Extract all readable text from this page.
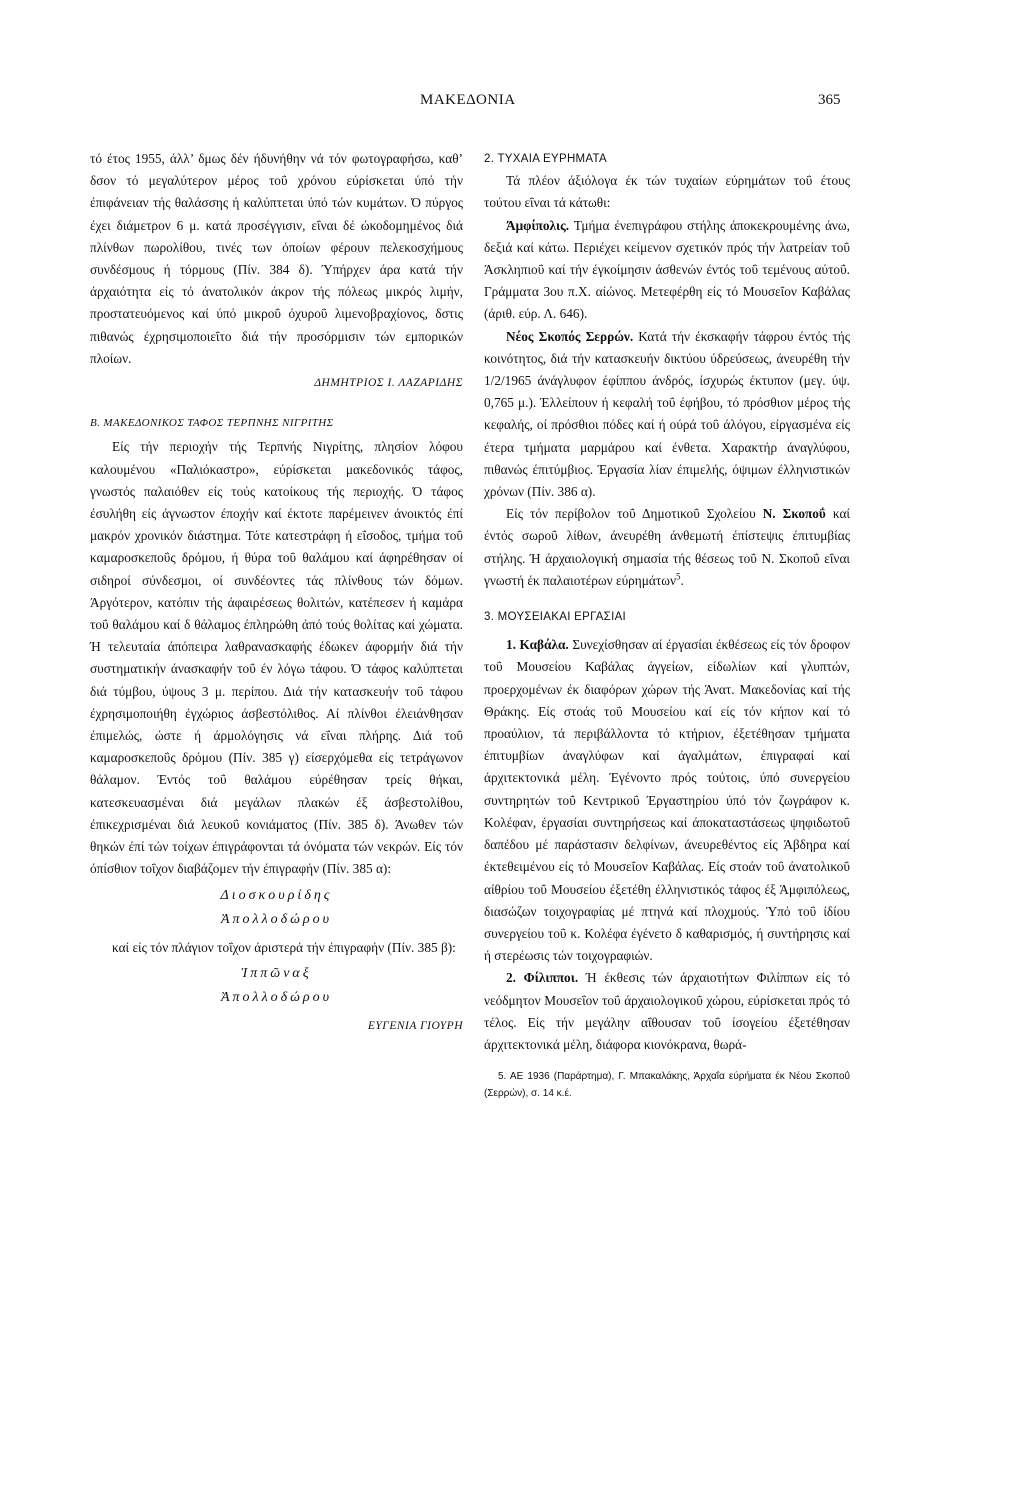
ΜΑΚΕΔΟΝΙΑ	365

τό έτος 1955, άλλ’ δμως δέν ήδυνήθην νά τόν φωτογραφήσω, καθ’ δσον τό μεγαλύτερον μέρος τοΰ χρόνου εύρίσκεται ύπό τήν έπιφάνειαν τής θαλάσσης ή καλύπτεται ύπό τών κυμάτων. Ό πύργος έχει διάμετρον 6 μ. κατά προσέγγισιν, εΐναι δέ ώκοδομημένος διά πλίνθων πωρολίθου, τινές των όποίων φέρουν πελεκοσχήμους συνδέσμους ή τόρμους (Πίν. 384 δ). Ύπήρχεν άρα κατά τήν άρχαιότητα είς τό άνατολικόν άκρον τής πόλεως μικρός λιμήν, προστατευόμενος καί ύπό μικροΰ όχυροΰ λιμενοβραχίονος, δστις πιθανώς έχρησιμοποιεΐτο διά τήν προσόρμισιν τών εμπορικών πλοίων.

ΔΗΜΗΤΡΙΟΣ Ι. ΛΑΖΑΡΙΔΗΣ

Β. ΜΑΚΕΔΟΝΙΚΟΣ ΤΑΦΟΣ ΤΕΡΠΝΗΣ ΝΙΓΡΙΤΗΣ

Είς τήν περιοχήν τής Τερπνής Νιγρίτης, πλησίον λόφου καλουμένου «Παλιόκαστρο», εύρίσκεται μακεδονικός τάφος, γνωστός παλαιόθεν είς τούς κατοίκους τής περιοχής. Ό τάφος έσυλήθη είς άγνωστον έποχήν καί έκτοτε παρέμεινεν άνοικτός έπί μακρόν χρονικόν διάστημα. Τότε κατεστράφη ή εΐσοδος, τμήμα τοΰ καμαροσκεποΰς δρόμου, ή θύρα τοΰ θαλάμου καί άφηρέθησαν οί σιδηροί σύνδεσμοι, οί συνδέοντες τάς πλίνθους τών δόμων. Άργότερον, κατόπιν τής άφαιρέσεως θολιτών, κατέπεσεν ή καμάρα τοΰ θαλάμου καί δ θάλαμος έπληρώθη άπό τούς θολίτας καί χώματα. Ή τελευταία άπόπειρα λαθρανασκαφής έδωκεν άφορμήν διά τήν συστηματικήν άνασκαφήν τοΰ έν λόγω τάφου. Ό τάφος καλύπτεται διά τύμβου, ύψους 3 μ. περίπου. Διά τήν κατασκευήν τοΰ τάφου έχρησιμοποιήθη έγχώριος άσβεστόλιθος. Αί πλίνθοι έλειάνθησαν έπιμελώς, ώστε ή άρμολόγησις νά εΐναι πλήρης. Διά τοΰ καμαροσκεποΰς δρόμου (Πίν. 385 γ) είσερχόμεθα είς τετράγωνον θάλαμον. Έντός τοΰ θαλάμου εύρέθησαν τρείς θήκαι, κατεσκευασμέναι διά μεγάλων πλακών έξ άσβεστολίθου, έπικεχρισμέναι διά λευκοΰ κονιάματος (Πίν. 385 δ). Άνωθεν τών θηκών έπί τών τοίχων έπιγράφονται τά όνόματα τών νεκρών. Είς τόν όπίσθιον τοΐχον διαβάζομεν τήν έπιγραφήν (Πίν. 385 α):

Διοσκουρίδης

Ἀπολλοδώρου

καί είς τόν πλάγιον τοΐχον άριστερά τήν έπιγραφήν (Πίν. 385 β):

Ἱππῶναξ

Ἀπολλοδώρου

ΕΥΓΕΝΙΑ ΓΙΟΥΡΗ

2. ΤΥΧΑΙΑ ΕΥΡΗΜΑΤΑ

Τά πλέον άξιόλογα έκ τών τυχαίων εύρημάτων τοΰ έτους τούτου εΐναι τά κάτωθι:

Άμφίπολις. Τμήμα ένεπιγράφου στήλης άποκεκρουμένης άνω, δεξιά καί κάτω. Περιέχει κείμενον σχετικόν πρός τήν λατρείαν τοΰ Άσκληπιοΰ καί τήν έγκοίμησιν άσθενών έντός τοΰ τεμένους αύτοΰ. Γράμματα 3ου π.Χ. αίώνος. Μετεφέρθη είς τό Μουσεΐον Καβάλας (άριθ. εύρ. Λ. 646).

Νέος Σκοπός Σερρών. Κατά τήν έκσκαφήν τάφρου έντός τής κοινότητος, διά τήν κατασκευήν δικτύου ύδρεύσεως, άνευρέθη τήν 1/2/1965 άνάγλυφον έφίππου άνδρός, ίσχυρώς έκτυπον (μεγ. ύψ. 0,765 μ.). Έλλείπουν ή κεφαλή τοΰ έφήβου, τό πρόσθιον μέρος τής κεφαλής, οί πρόσθιοι πόδες καί ή ούρά τοΰ άλόγου, είργασμένα είς έτερα τμήματα μαρμάρου καί ένθετα. Χαρακτήρ άναγλύφου, πιθανώς έπιτύμβιος. Έργασία λίαν έπιμελής, όψιμων έλληνιστικών χρόνων (Πίν. 386 α).

Είς τόν περίβολον τοΰ Δημοτικοΰ Σχολείου Ν. Σκοποΰ καί έντός σωροΰ λίθων, άνευρέθη άνθεμωτή έπίστεψις έπιτυμβίας στήλης. Ή άρχαιολογική σημασία τής θέσεως τοΰ Ν. Σκοποΰ εΐναι γνωστή έκ παλαιοτέρων εύρημάτων$^5$.

3. ΜΟΥΣΕΙΑΚΑΙ ΕΡΓΑΣΙΑΙ

1. Καβάλα. Συνεχίσθησαν αί έργασίαι έκθέσεως είς τόν δροφον τοΰ Μουσείου Καβάλας άγγείων, είδωλίων καί γλυπτών, προερχομένων έκ διαφόρων χώρων τής Άνατ. Μακεδονίας καί τής Θράκης. Είς στοάς τοΰ Μουσείου καί είς τόν κήπον καί τό προαύλιον, τά περιβάλλοντα τό κτήριον, έξετέθησαν τμήματα έπιτυμβίων άναγλύφων καί άγαλμάτων, έπιγραφαί καί άρχιτεκτονικά μέλη. Έγένοντο πρός τούτοις, ύπό συνεργείου συντηρητών τοΰ Κεντρικοΰ Έργαστηρίου ύπό τόν ζωγράφον κ. Κολέφαν, έργασίαι συντηρήσεως καί άποκαταστάσεως ψηφιδωτοΰ δαπέδου μέ παράστασιν δελφίνων, άνευρεθέντος είς Άβδηρα καί έκτεθειμένου είς τό Μουσεΐον Καβάλας. Είς στοάν τοΰ άνατολικοΰ αίθρίου τοΰ Μουσείου έξετέθη έλληνιστικός τάφος έξ Άμφιπόλεως, διασώζων τοιχογραφίας μέ πτηνά καί πλοχμούς. Ύπό τοΰ ίδίου συνεργείου τοΰ κ. Κολέφα έγένετο δ καθαρισμός, ή συντήρησις καί ή στερέωσις τών τοιχογραφιών.

2. Φίλιπποι. Ή έκθεσις τών άρχαιοτήτων Φιλίππων είς τό νεόδμητον Μουσεΐον τοΰ άρχαιολογικοΰ χώρου, εύρίσκεται πρός τό τέλος. Είς τήν μεγάλην αΐθουσαν τοΰ ίσογείου έξετέθησαν άρχιτεκτονικά μέλη, διάφορα κιονόκρανα, θωρά-

5. ΑΕ 1936 (Παράρτημα), Γ. Μπακαλάκης, Άρχαΐα εύρήματα έκ Νέου Σκοποΰ (Σερρών), σ. 14 κ.έ.
